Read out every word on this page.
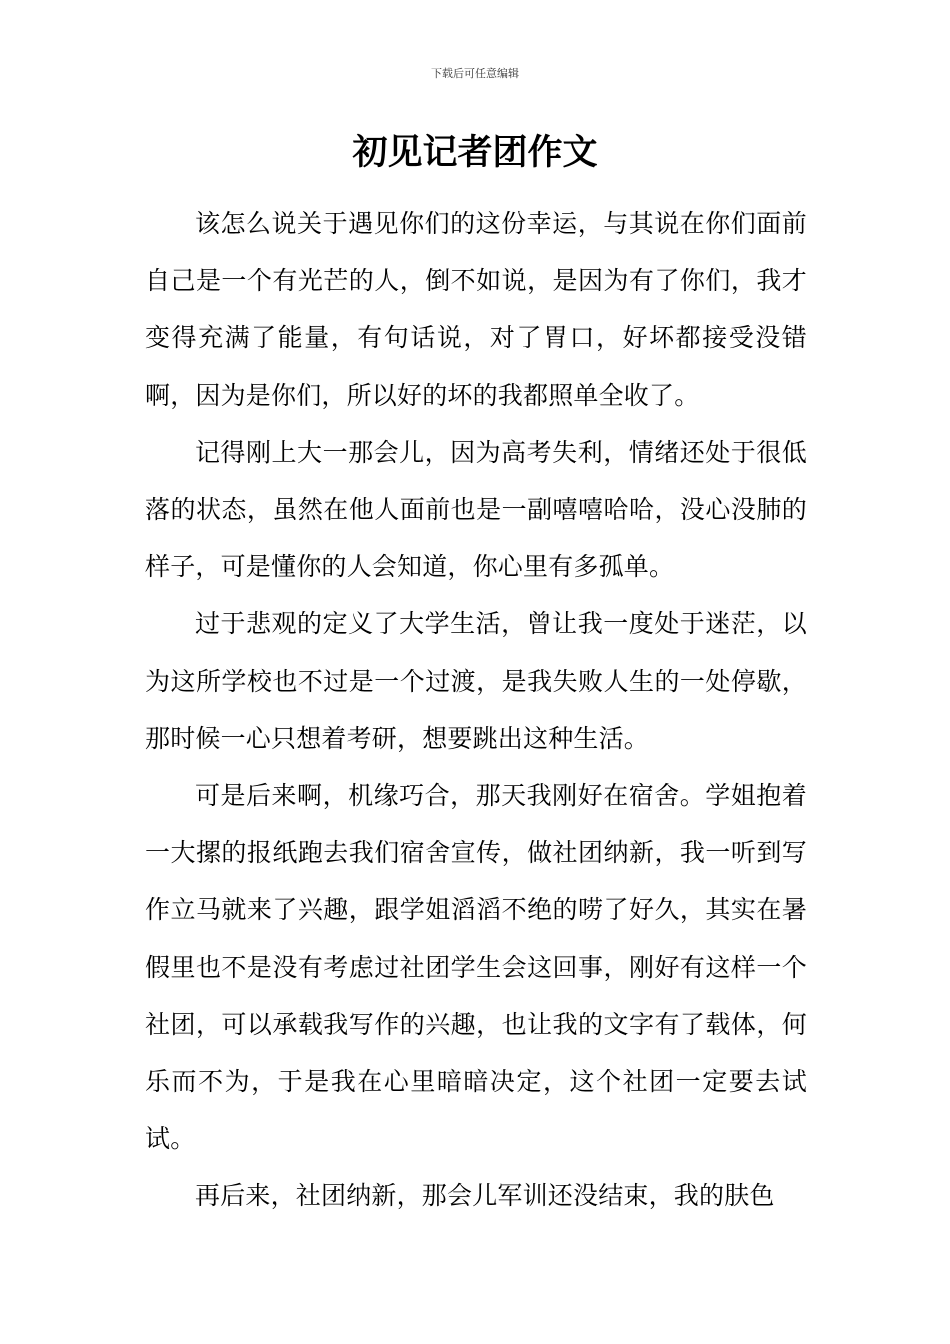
下载后可任意编辑
初见记者团作文

该怎么说关于遇见你们的这份幸运，与其说在你们面前自己是一个有光芒的人，倒不如说，是因为有了你们，我才变得充满了能量，有句话说，对了胃口，好坏都接受没错啊，因为是你们，所以好的坏的我都照单全收了。

记得刚上大一那会儿，因为高考失利，情绪还处于很低落的状态，虽然在他人面前也是一副嘻嘻哈哈，没心没肺的样子，可是懂你的人会知道，你心里有多孤单。

过于悲观的定义了大学生活，曾让我一度处于迷茫，以为这所学校也不过是一个过渡，是我失败人生的一处停歇，那时候一心只想着考研，想要跳出这种生活。

可是后来啊，机缘巧合，那天我刚好在宿舍。学姐抱着一大摞的报纸跑去我们宿舍宣传，做社团纳新，我一听到写作立马就来了兴趣，跟学姐滔滔不绝的唠了好久，其实在暑假里也不是没有考虑过社团学生会这回事，刚好有这样一个社团，可以承载我写作的兴趣，也让我的文字有了载体，何乐而不为，于是我在心里暗暗决定，这个社团一定要去试试。

再后来，社团纳新，那会儿军训还没结束，我的肤色
